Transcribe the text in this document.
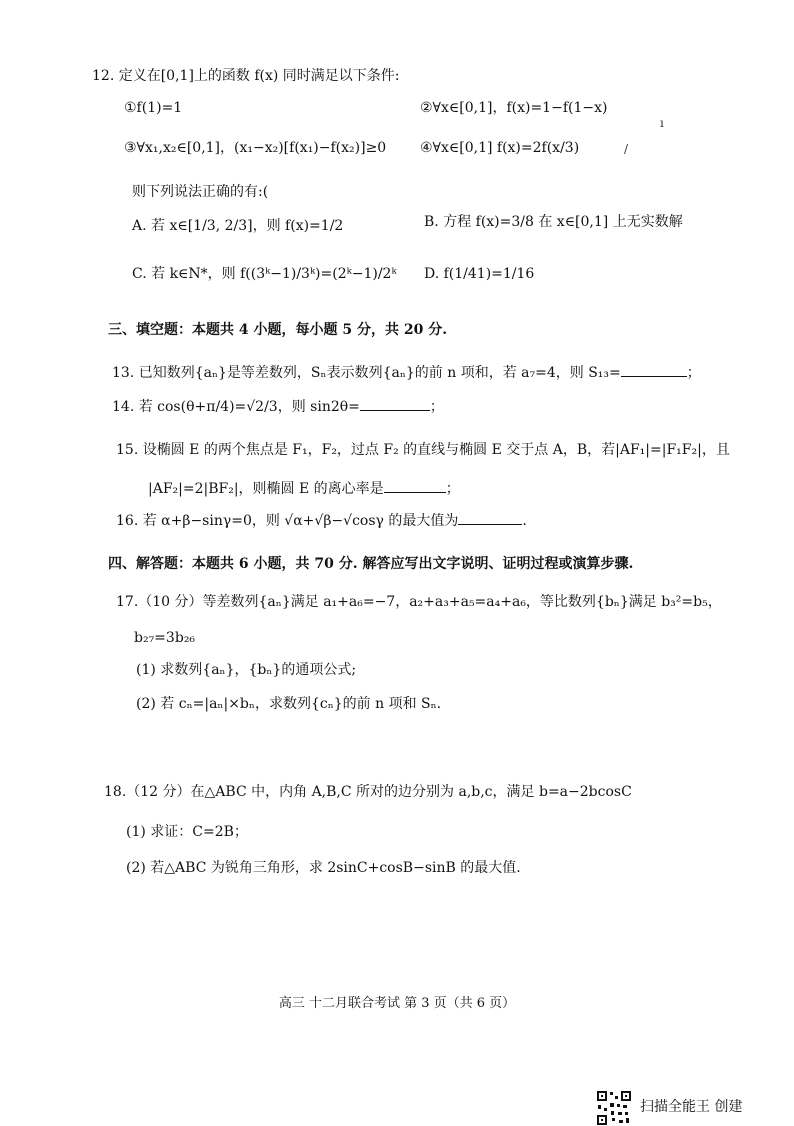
12. 定义在[0,1]上的函数 f(x) 同时满足以下条件:
①f(1)=1	②∀x∈[0,1]，f(x)=1−f(1−x)
ı
③∀x₁,x₂∈[0,1]，(x₁−x₂)[f(x₁)−f(x₂)]≥0 ④∀x∈[0,1] f(x)=2f(x/3)	/
则下列说法正确的有:(
A. 若 x∈[1/3, 2/3]，则 f(x)=1/2	B. 方程 f(x)=3/8 在 x∈[0,1] 上无实数解
C. 若 k∈N*，则 f((3ᵏ−1)/3ᵏ)=(2ᵏ−1)/2ᵏ D. f(1/41)=1/16
三、填空题：本题共 4 小题，每小题 5 分，共 20 分.
13. 已知数列{aₙ}是等差数列，Sₙ表示数列{aₙ}的前 n 项和，若 a₇=4，则 S₁₃=	；
14. 若 cos(θ+π/4)=√2/3，则 sin2θ=	；
15. 设椭圆 E 的两个焦点是 F₁，F₂，过点 F₂ 的直线与椭圆 E 交于点 A，B，若|AF₁|=|F₁F₂|，且
|AF₂|=2|BF₂|，则椭圆 E 的离心率是	；
16. 若 α+β−sinγ=0，则 √α+√β−√cosγ 的最大值为	.
四、解答题：本题共 6 小题，共 70 分. 解答应写出文字说明、证明过程或演算步骤.
17.（10 分）等差数列{aₙ}满足 a₁+a₆=−7，a₂+a₃+a₅=a₄+a₆，等比数列{bₙ}满足 b₃²=b₅，
b₂₇=3b₂₆
(1) 求数列{aₙ}，{bₙ}的通项公式;
(2) 若 cₙ=|aₙ|×bₙ，求数列{cₙ}的前 n 项和 Sₙ.
18.（12 分）在△ABC 中，内角 A,B,C 所对的边分别为 a,b,c，满足 b=a−2bcosC
(1) 求证：C=2B；
(2) 若△ABC 为锐角三角形，求 2sinC+cosB−sinB 的最大值.
高三 十二月联合考试 第 3 页（共 6 页）
扫描全能王 创建
